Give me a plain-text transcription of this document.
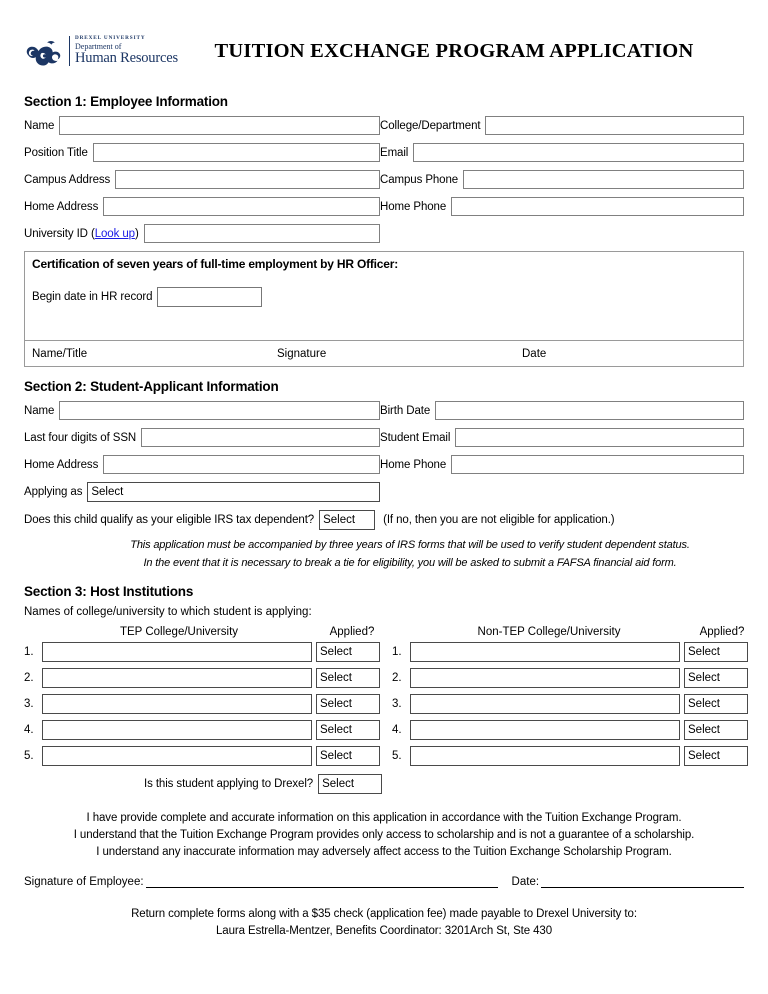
DREXEL UNIVERSITY
Department of
Human Resources	TUITION EXCHANGE PROGRAM APPLICATION
Section 1: Employee Information
Name	College/Department
Position Title	Email
Campus Address	Campus Phone
Home Address	Home Phone
University ID (Look up)
Certification of seven years of full-time employment by HR Officer:
Begin date in HR record
Name/Title	Signature	Date
Section 2: Student-Applicant Information
Name	Birth Date
Last four digits of SSN	Student Email
Home Address	Home Phone
Applying as Select
Does this child qualify as your eligible IRS tax dependent? Select	(If no, then you are not eligible for application.)
This application must be accompanied by three years of IRS forms that will be used to verify student dependent status.
In the event that it is necessary to break a tie for eligibility, you will be asked to submit a FAFSA financial aid form.
Section 3: Host Institutions
Names of college/university to which student is applying:
TEP College/University	Applied?	Non-TEP College/University	Applied?
1.	Select	1.	Select
2.	Select	2.	Select
3.	Select	3.	Select
4.	Select	4.	Select
5.	Select	5.	Select
Is this student applying to Drexel? Select
I have provide complete and accurate information on this application in accordance with the Tuition Exchange Program.
I understand that the Tuition Exchange Program provides only access to scholarship and is not a guarantee of a scholarship.
I understand any inaccurate information may adversely affect access to the Tuition Exchange Scholarship Program.
Signature of Employee:	Date:
Return complete forms along with a $35 check (application fee) made payable to Drexel University to:
Laura Estrella-Mentzer, Benefits Coordinator: 3201Arch St, Ste 430
